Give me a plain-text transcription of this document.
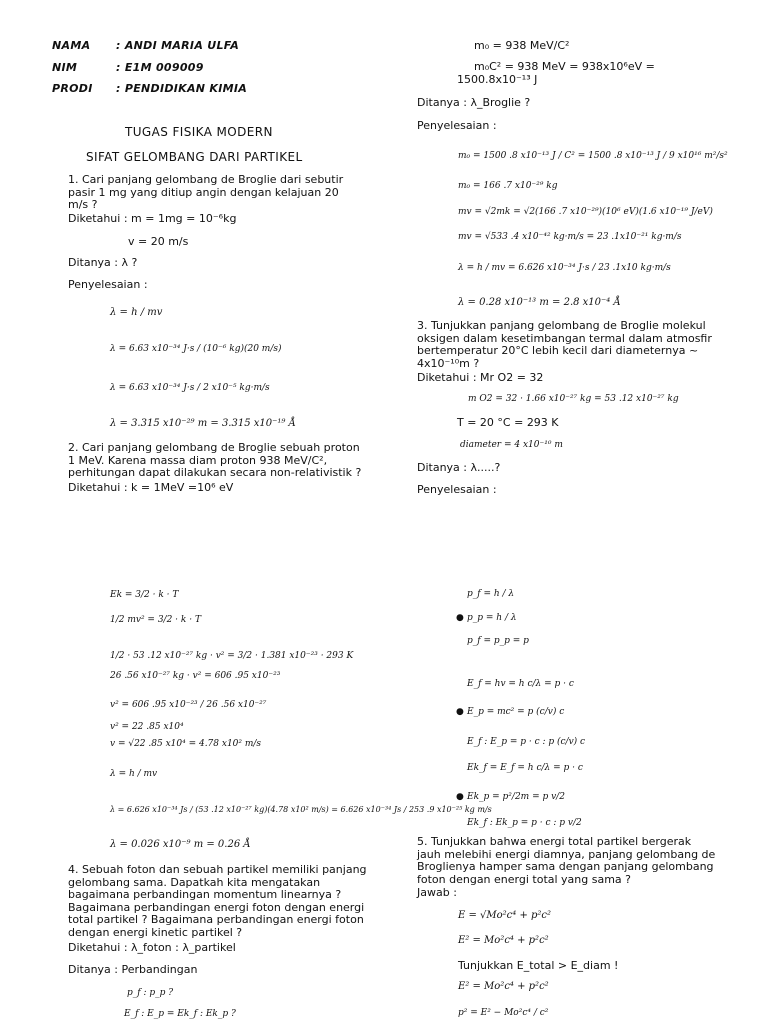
NAMA : ANDI MARIA ULFA
NIM	: E1M 009009
PRODI : PENDIDIKAN KIMIA
TUGAS FISIKA MODERN
SIFAT GELOMBANG DARI PARTIKEL
1. Cari panjang gelombang de Broglie dari sebutir pasir 1 mg yang ditiup angin dengan kelajuan 20 m/s ?
Diketahui : m = 1mg = 10⁻⁶kg
v = 20 m/s
Ditanya : λ ?
Penyelesaian :
λ = h / mv
λ = 6.63 x10⁻³⁴ J·s / (10⁻⁶ kg)(20 m/s)
λ = 6.63 x10⁻³⁴ J·s / 2 x10⁻⁵ kg·m/s
λ = 3.315 x10⁻²⁹ m = 3.315 x10⁻¹⁹ Å
2. Cari panjang gelombang de Broglie sebuah proton 1 MeV. Karena massa diam proton 938 MeV/C², perhitungan dapat dilakukan secara non-relativistik ?
Diketahui : k = 1MeV =10⁶ eV
m₀ = 938 MeV/C²
m₀C² = 938 MeV = 938x10⁶eV = 1500.8x10⁻¹³ J
Ditanya : λ_Broglie ?
Penyelesaian :
m₀ = 1500 .8 x10⁻¹³ J / C² = 1500 .8 x10⁻¹³ J / 9 x10¹⁶ m²/s²
m₀ = 166 .7 x10⁻²⁹ kg
mv = √2mk = √2(166 .7 x10⁻²⁹)(10⁶ eV)(1.6 x10⁻¹⁹ J/eV)
mv = √533 .4 x10⁻⁴² kg·m/s = 23 .1x10⁻²¹ kg·m/s
λ = h / mv = 6.626 x10⁻³⁴ J·s / 23 .1x10 kg·m/s
λ = 0.28 x10⁻¹³ m = 2.8 x10⁻⁴ Å
3. Tunjukkan panjang gelombang de Broglie molekul oksigen dalam kesetimbangan termal dalam atmosfir bertemperatur 20°C lebih kecil dari diameternya ~ 4x10⁻¹⁰m ?
Diketahui : Mr O2 = 32
m O2 = 32 · 1.66 x10⁻²⁷ kg = 53 .12 x10⁻²⁷ kg
T = 20 °C = 293 K
diameter = 4 x10⁻¹⁰ m
Ditanya : λ.....?
Penyelesaian :
Ek = 3/2 · k · T
1/2 mv² = 3/2 · k · T
1/2 · 53 .12 x10⁻²⁷ kg · v² = 3/2 · 1.381 x10⁻²³ · 293 K
26 .56 x10⁻²⁷ kg · v² = 606 .95 x10⁻²³
v² = 606 .95 x10⁻²³ / 26 .56 x10⁻²⁷
v² = 22 .85 x10⁴
v = √22 .85 x10⁴ = 4.78 x10² m/s
λ = h / mv
λ = 6.626 x10⁻³⁴ Js / (53 .12 x10⁻²⁷ kg)(4.78 x10² m/s) = 6.626 x10⁻³⁴ Js / 253 .9 x10⁻²⁵ kg m/s
λ = 0.026 x10⁻⁹ m = 0.26 Å
4. Sebuah foton dan sebuah partikel memiliki panjang gelombang sama. Dapatkah kita mengatakan bagaimana perbandingan momentum linearnya ? Bagaimana perbandingan energi foton dengan energi total partikel ? Bagaimana perbandingan energi foton dengan energi kinetic partikel ?
Diketahui : λ_foton : λ_partikel
Ditanya : Perbandingan
p_f : p_p ?
E_f : E_p = Ek_f : Ek_p ?
p_f = h / λ
● p_p = h / λ
p_f = p_p = p
E_f = hv = h c/λ = p · c
● E_p = mc² = p (c/v) c
E_f : E_p = p · c : p (c/v) c
Ek_f = E_f = h c/λ = p · c
● Ek_p = p²/2m = p v/2
Ek_f : Ek_p = p · c : p v/2
5. Tunjukkan bahwa energi total partikel bergerak jauh melebihi energi diamnya, panjang gelombang de Broglienya hamper sama dengan panjang gelombang foton dengan energi total yang sama ?
Jawab :
E = √Mo²c⁴ + p²c²
E² = Mo²c⁴ + p²c²
Tunjukkan E_total > E_diam !
E² = Mo²c⁴ + p²c²
p² = E² − Mo²c⁴ / c²
